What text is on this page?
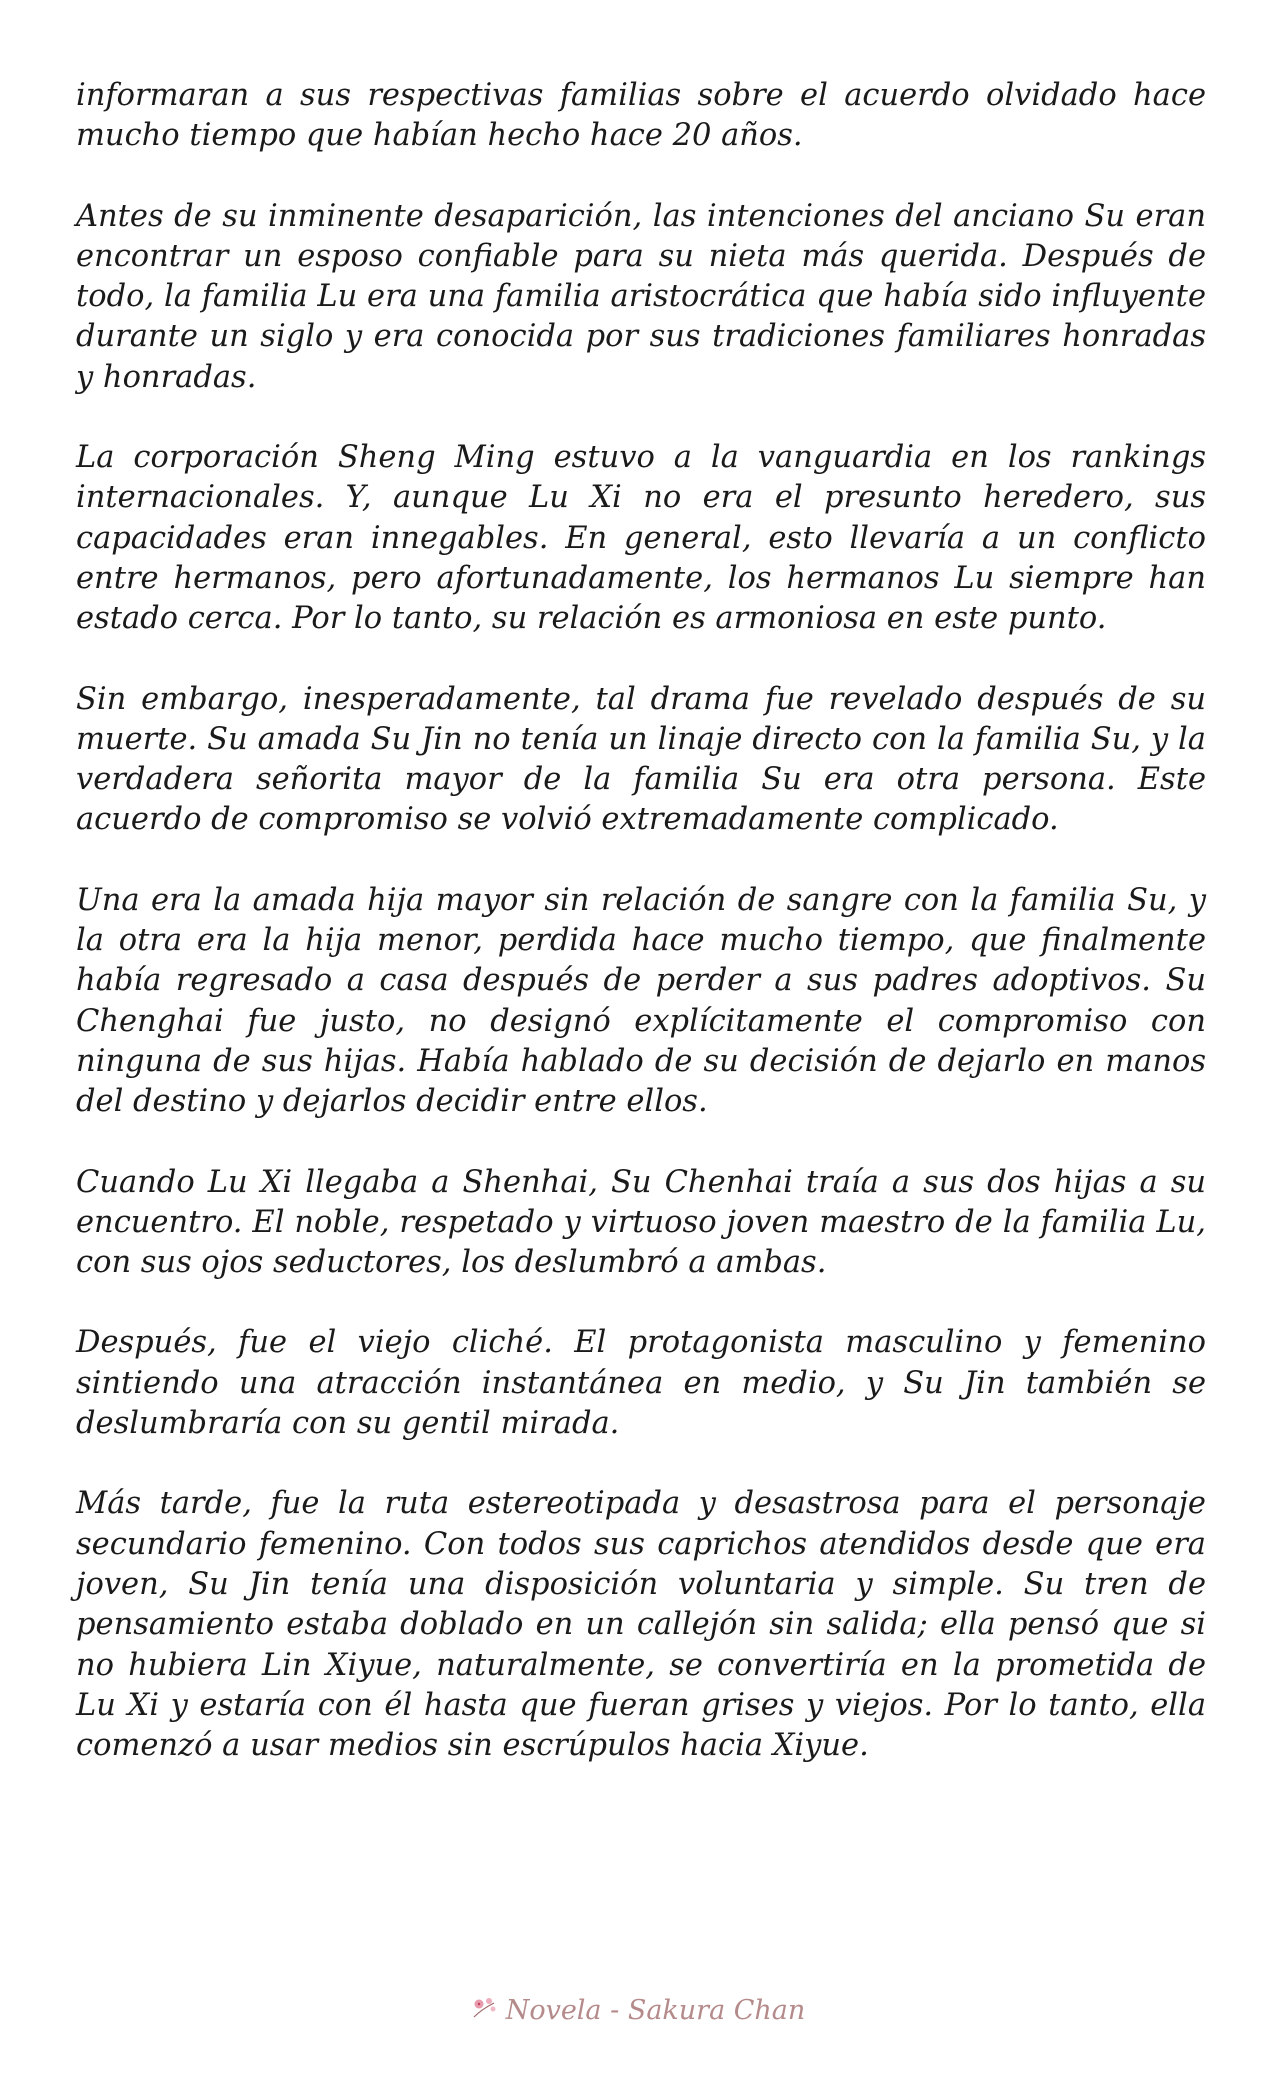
informaran a sus respectivas familias sobre el acuerdo olvidado hace mucho tiempo que habían hecho hace 20 años.

Antes de su inminente desaparición, las intenciones del anciano Su eran encontrar un esposo confiable para su nieta más querida. Después de todo, la familia Lu era una familia aristocrática que había sido influyente durante un siglo y era conocida por sus tradiciones familiares honradas y honradas.

La corporación Sheng Ming estuvo a la vanguardia en los rankings internacionales. Y, aunque Lu Xi no era el presunto heredero, sus capacidades eran innegables. En general, esto llevaría a un conflicto entre hermanos, pero afortunadamente, los hermanos Lu siempre han estado cerca. Por lo tanto, su relación es armoniosa en este punto.

Sin embargo, inesperadamente, tal drama fue revelado después de su muerte. Su amada Su Jin no tenía un linaje directo con la familia Su, y la verdadera señorita mayor de la familia Su era otra persona. Este acuerdo de compromiso se volvió extremadamente complicado.

Una era la amada hija mayor sin relación de sangre con la familia Su, y la otra era la hija menor, perdida hace mucho tiempo, que finalmente había regresado a casa después de perder a sus padres adoptivos. Su Chenghai fue justo, no designó explícitamente el compromiso con ninguna de sus hijas. Había hablado de su decisión de dejarlo en manos del destino y dejarlos decidir entre ellos.

Cuando Lu Xi llegaba a Shenhai, Su Chenhai traía a sus dos hijas a su encuentro. El noble, respetado y virtuoso joven maestro de la familia Lu, con sus ojos seductores, los deslumbró a ambas.

Después, fue el viejo cliché. El protagonista masculino y femenino sintiendo una atracción instantánea en medio, y Su Jin también se deslumbraría con su gentil mirada.

Más tarde, fue la ruta estereotipada y desastrosa para el personaje secundario femenino. Con todos sus caprichos atendidos desde que era joven, Su Jin tenía una disposición voluntaria y simple. Su tren de pensamiento estaba doblado en un callejón sin salida; ella pensó que si no hubiera Lin Xiyue, naturalmente, se convertiría en la prometida de Lu Xi y estaría con él hasta que fueran grises y viejos. Por lo tanto, ella comenzó a usar medios sin escrúpulos hacia Xiyue.

Novela - Sakura Chan
